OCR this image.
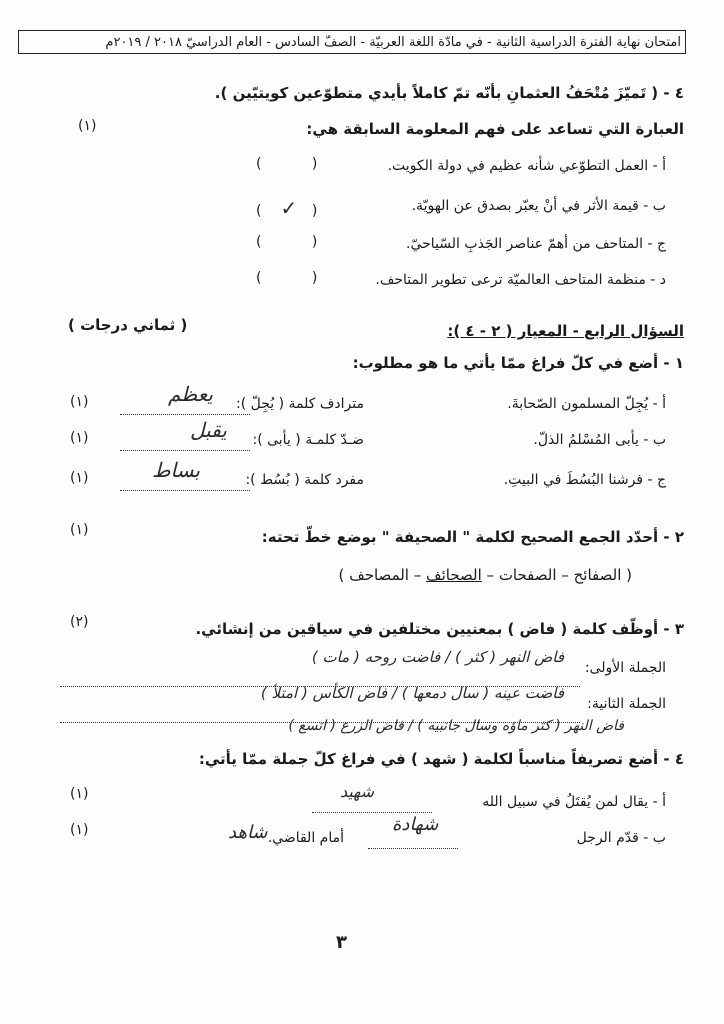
امتحان نهاية الفترة الدراسية الثانية - في مادّة اللغة العربيّة - الصفّ السادس - العام الدراسيّ ٢٠١٨ / ٢٠١٩م
٤ - ( تَميّزَ مُتْحَفُ العثمانِ بأنّه تمّ كاملاً بأيدي متطوّعين كويتيّين ).
(١)	العبارة التي تساعد على فهم المعلومة السابقة هي:
أ - العمل التطوّعي شأنه عظيم في دولة الكويت.
(	)
ب - قيمة الأثر في أنْ يعبّر بصدق عن الهويّة.
( ✓ )
ج - المتاحف من أهمّ عناصر الجَذبِ السّياحيّ.
(	)
د - منظمة المتاحف العالميّة ترعى تطوير المتاحف.
(	)
السؤال الرابع - المعيار ( ٢ - ٤ ):
( ثماني درجات )
١ - أضع في كلّ فراغ ممّا يأتي ما هو مطلوب:
أ - يُجِلّ المسلمون الصّحابةَ.
مترادف كلمة ( يُجِلّ ):
يعظم
(١)
ب - يأبى المُسْلمُ الذلّ.
ضـدّ كلمـة ( يأبى ):
يقبل
(١)
ج - فرشنا البُسُطَ في البيتِ.
مفرد كلمة ( بُسُط ):
بساط
(١)
٢ - أحدّد الجمع الصحيح لكلمة " الصحيفة " بوضع خطّ تحته:
(١)
( الصفائح – الصفحات – الصحائف – المصاحف )
٣ - أوظّف كلمة ( فاض ) بمعنيين مختلفين في سياقين من إنشائي.
(٢)
الجملة الأولى:
فاض النهر ( كثر ) / فاضت روحه ( مات )
الجملة الثانية:
فاضت عينه ( سال دمعها ) / فاض الكأس ( امتلأ )
فاض النهر ( كثر ماؤه وسال جانبيه ) / فاض الزرع ( اتسع )
٤ - أضع تصريفاً مناسباً لكلمة ( شهد ) في فراغ كلّ جملة ممّا يأتي:
أ - يقال لمن يُقتَلُ في سبيل الله
شهيد
(١)
ب - قدّم الرجل
شهادة
أمام القاضي.
شاهد
(١)
٣
